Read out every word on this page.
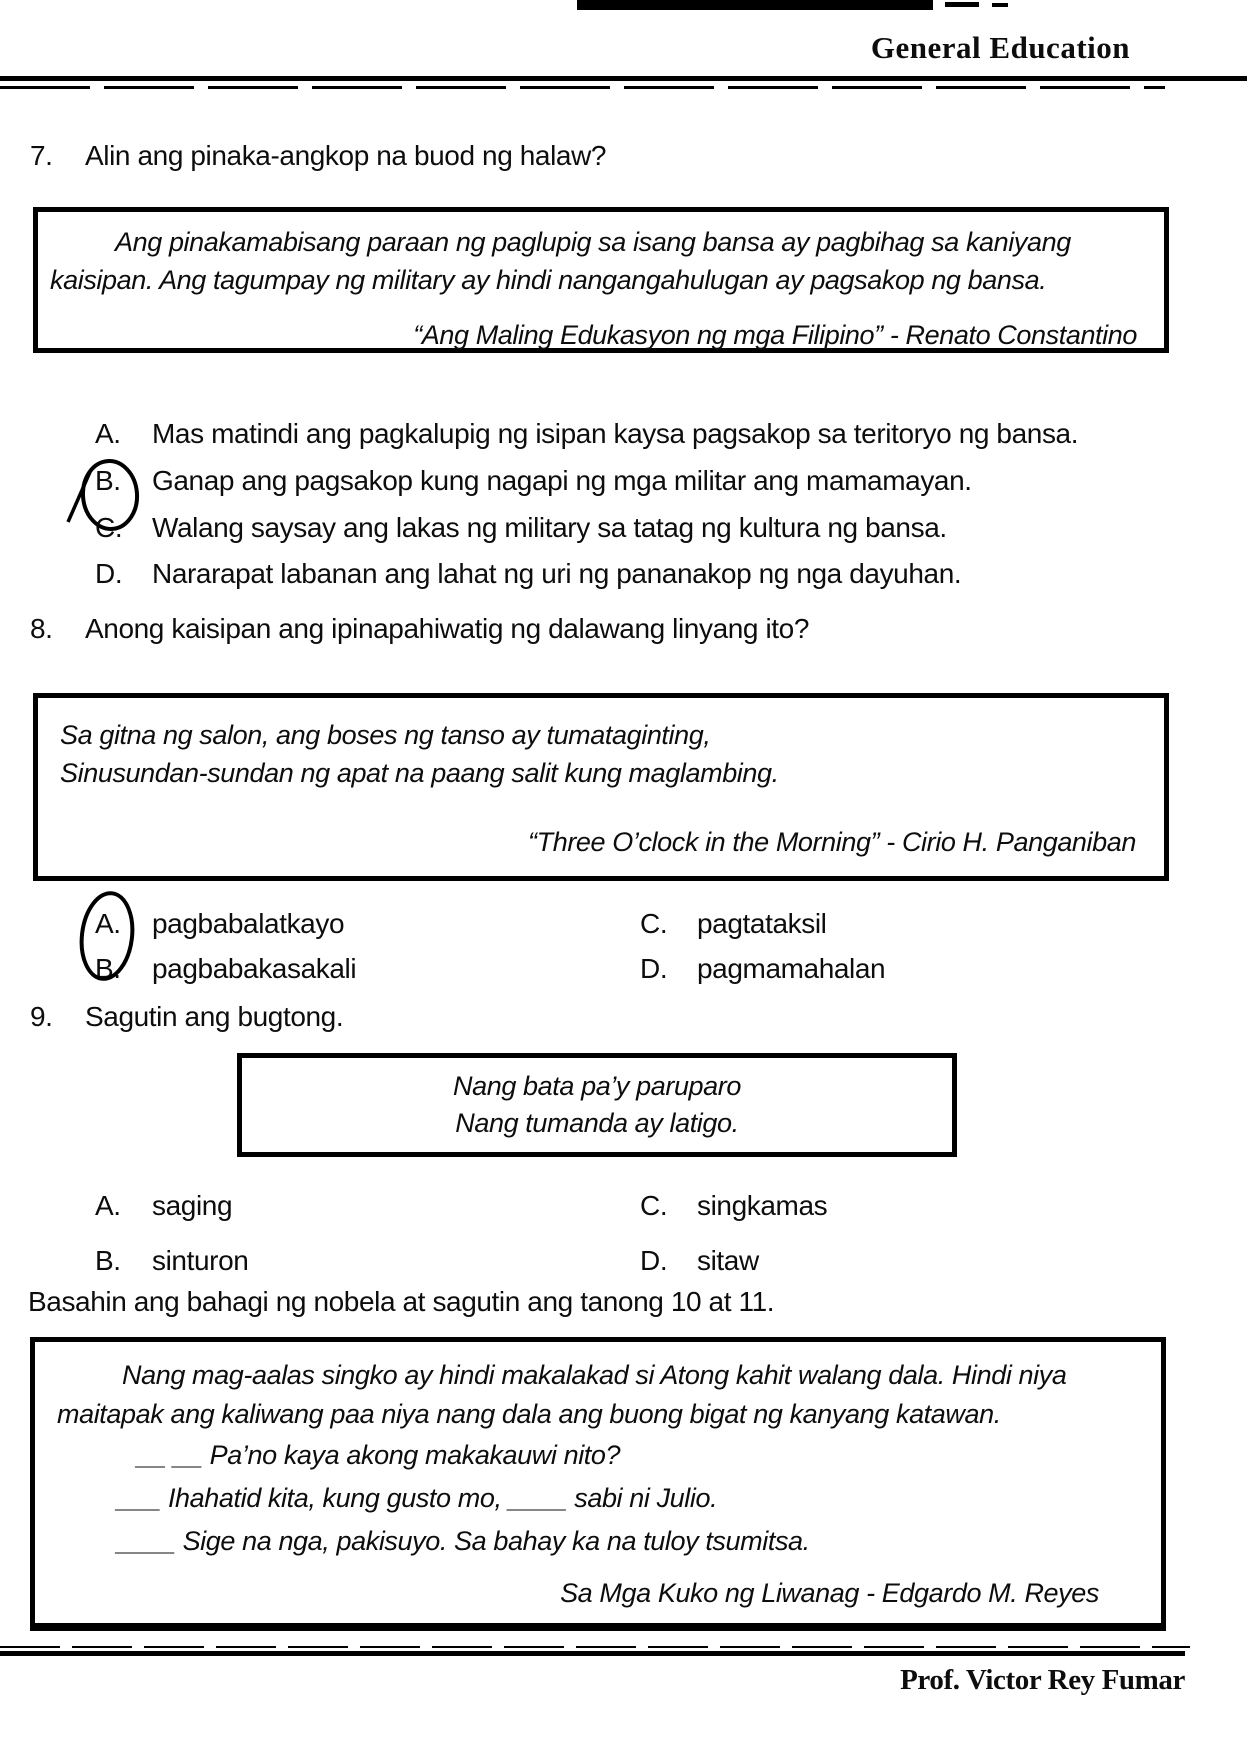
General Education
7.	Alin ang pinaka-angkop na buod ng halaw?

Ang pinakamabisang paraan ng paglupig sa isang bansa ay pagbihag sa kaniyang kaisipan. Ang tagumpay ng military ay hindi nangangahulugan ay pagsakop ng bansa.

“Ang Maling Edukasyon ng mga Filipino” - Renato Constantino
A.	Mas matindi ang pagkalupig ng isipan kaysa pagsakop sa teritoryo ng bansa.
B.	Ganap ang pagsakop kung nagapi ng mga militar ang mamamayan.
C.	Walang saysay ang lakas ng military sa tatag ng kultura ng bansa.
D.	Nararapat labanan ang lahat ng uri ng pananakop ng nga dayuhan.
8.	Anong kaisipan ang ipinapahiwatig ng dalawang linyang ito?
Sa gitna ng salon, ang boses ng tanso ay tumataginting,
Sinusundan-sundan ng apat na paang salit kung maglambing.
“Three O’clock in the Morning” - Cirio H. Panganiban
A.	pagbabalatkayo
B.	pagbabakasakali
C.	pagtataksil
D.	pagmamahalan
9.	Sagutin ang bugtong.
Nang bata pa’y paruparo
Nang tumanda ay latigo.
A.	saging
B.	sinturon
C.	singkamas
D.	sitaw
Basahin ang bahagi ng nobela at sagutin ang tanong 10 at 11.

Nang mag-aalas singko ay hindi makalakad si Atong kahit walang dala. Hindi niya maitapak ang kaliwang paa niya nang dala ang buong bigat ng kanyang katawan.

__ __ Pa’no kaya akong makakauwi nito?
___ Ihahatid kita, kung gusto mo, ____ sabi ni Julio.
____ Sige na nga, pakisuyo. Sa bahay ka na tuloy tsumitsa.
Sa Mga Kuko ng Liwanag - Edgardo M. Reyes
Prof. Victor Rey Fumar
